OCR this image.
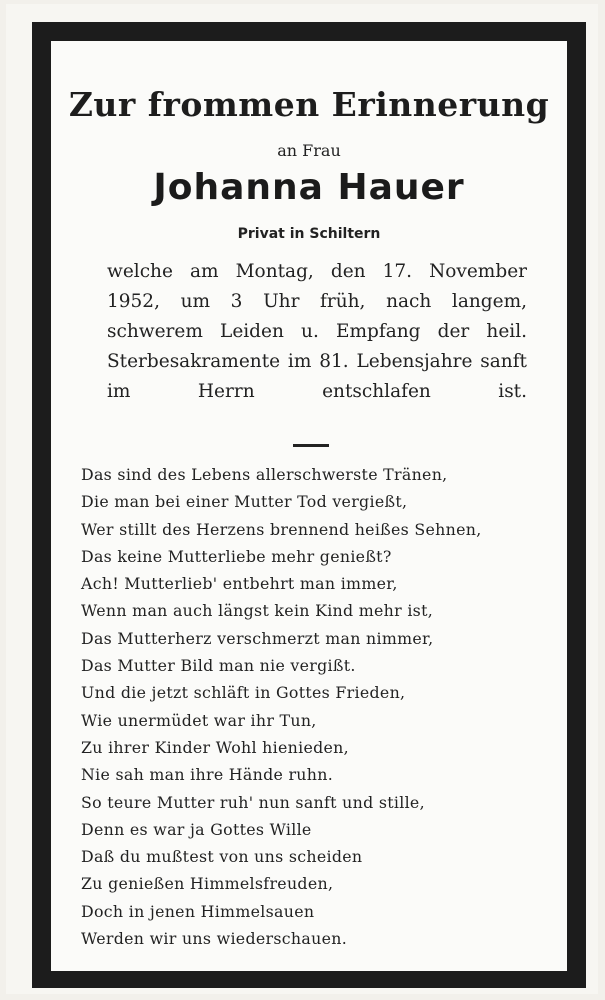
Zur frommen Erinnerung
an Frau
Johanna Hauer
Privat in Schiltern
welche am Montag, den 17. November 1952, um 3 Uhr früh, nach langem, schwerem Leiden u. Empfang der heil. Sterbesakramente im 81. Lebensjahre sanft im Herrn entschlafen ist.
Das sind des Lebens allerschwerste Tränen,
Die man bei einer Mutter Tod vergießt,
Wer stillt des Herzens brennend heißes Sehnen,
Das keine Mutterliebe mehr genießt?
Ach! Mutterlieb' entbehrt man immer,
Wenn man auch längst kein Kind mehr ist,
Das Mutterherz verschmerzt man nimmer,
Das Mutter Bild man nie vergißt.
Und die jetzt schläft in Gottes Frieden,
Wie unermüdet war ihr Tun,
Zu ihrer Kinder Wohl hienieden,
Nie sah man ihre Hände ruhn.
So teure Mutter ruh' nun sanft und stille,
Denn es war ja Gottes Wille
Daß du mußtest von uns scheiden
Zu genießen Himmelsfreuden,
Doch in jenen Himmelsauen
Werden wir uns wiederschauen.
